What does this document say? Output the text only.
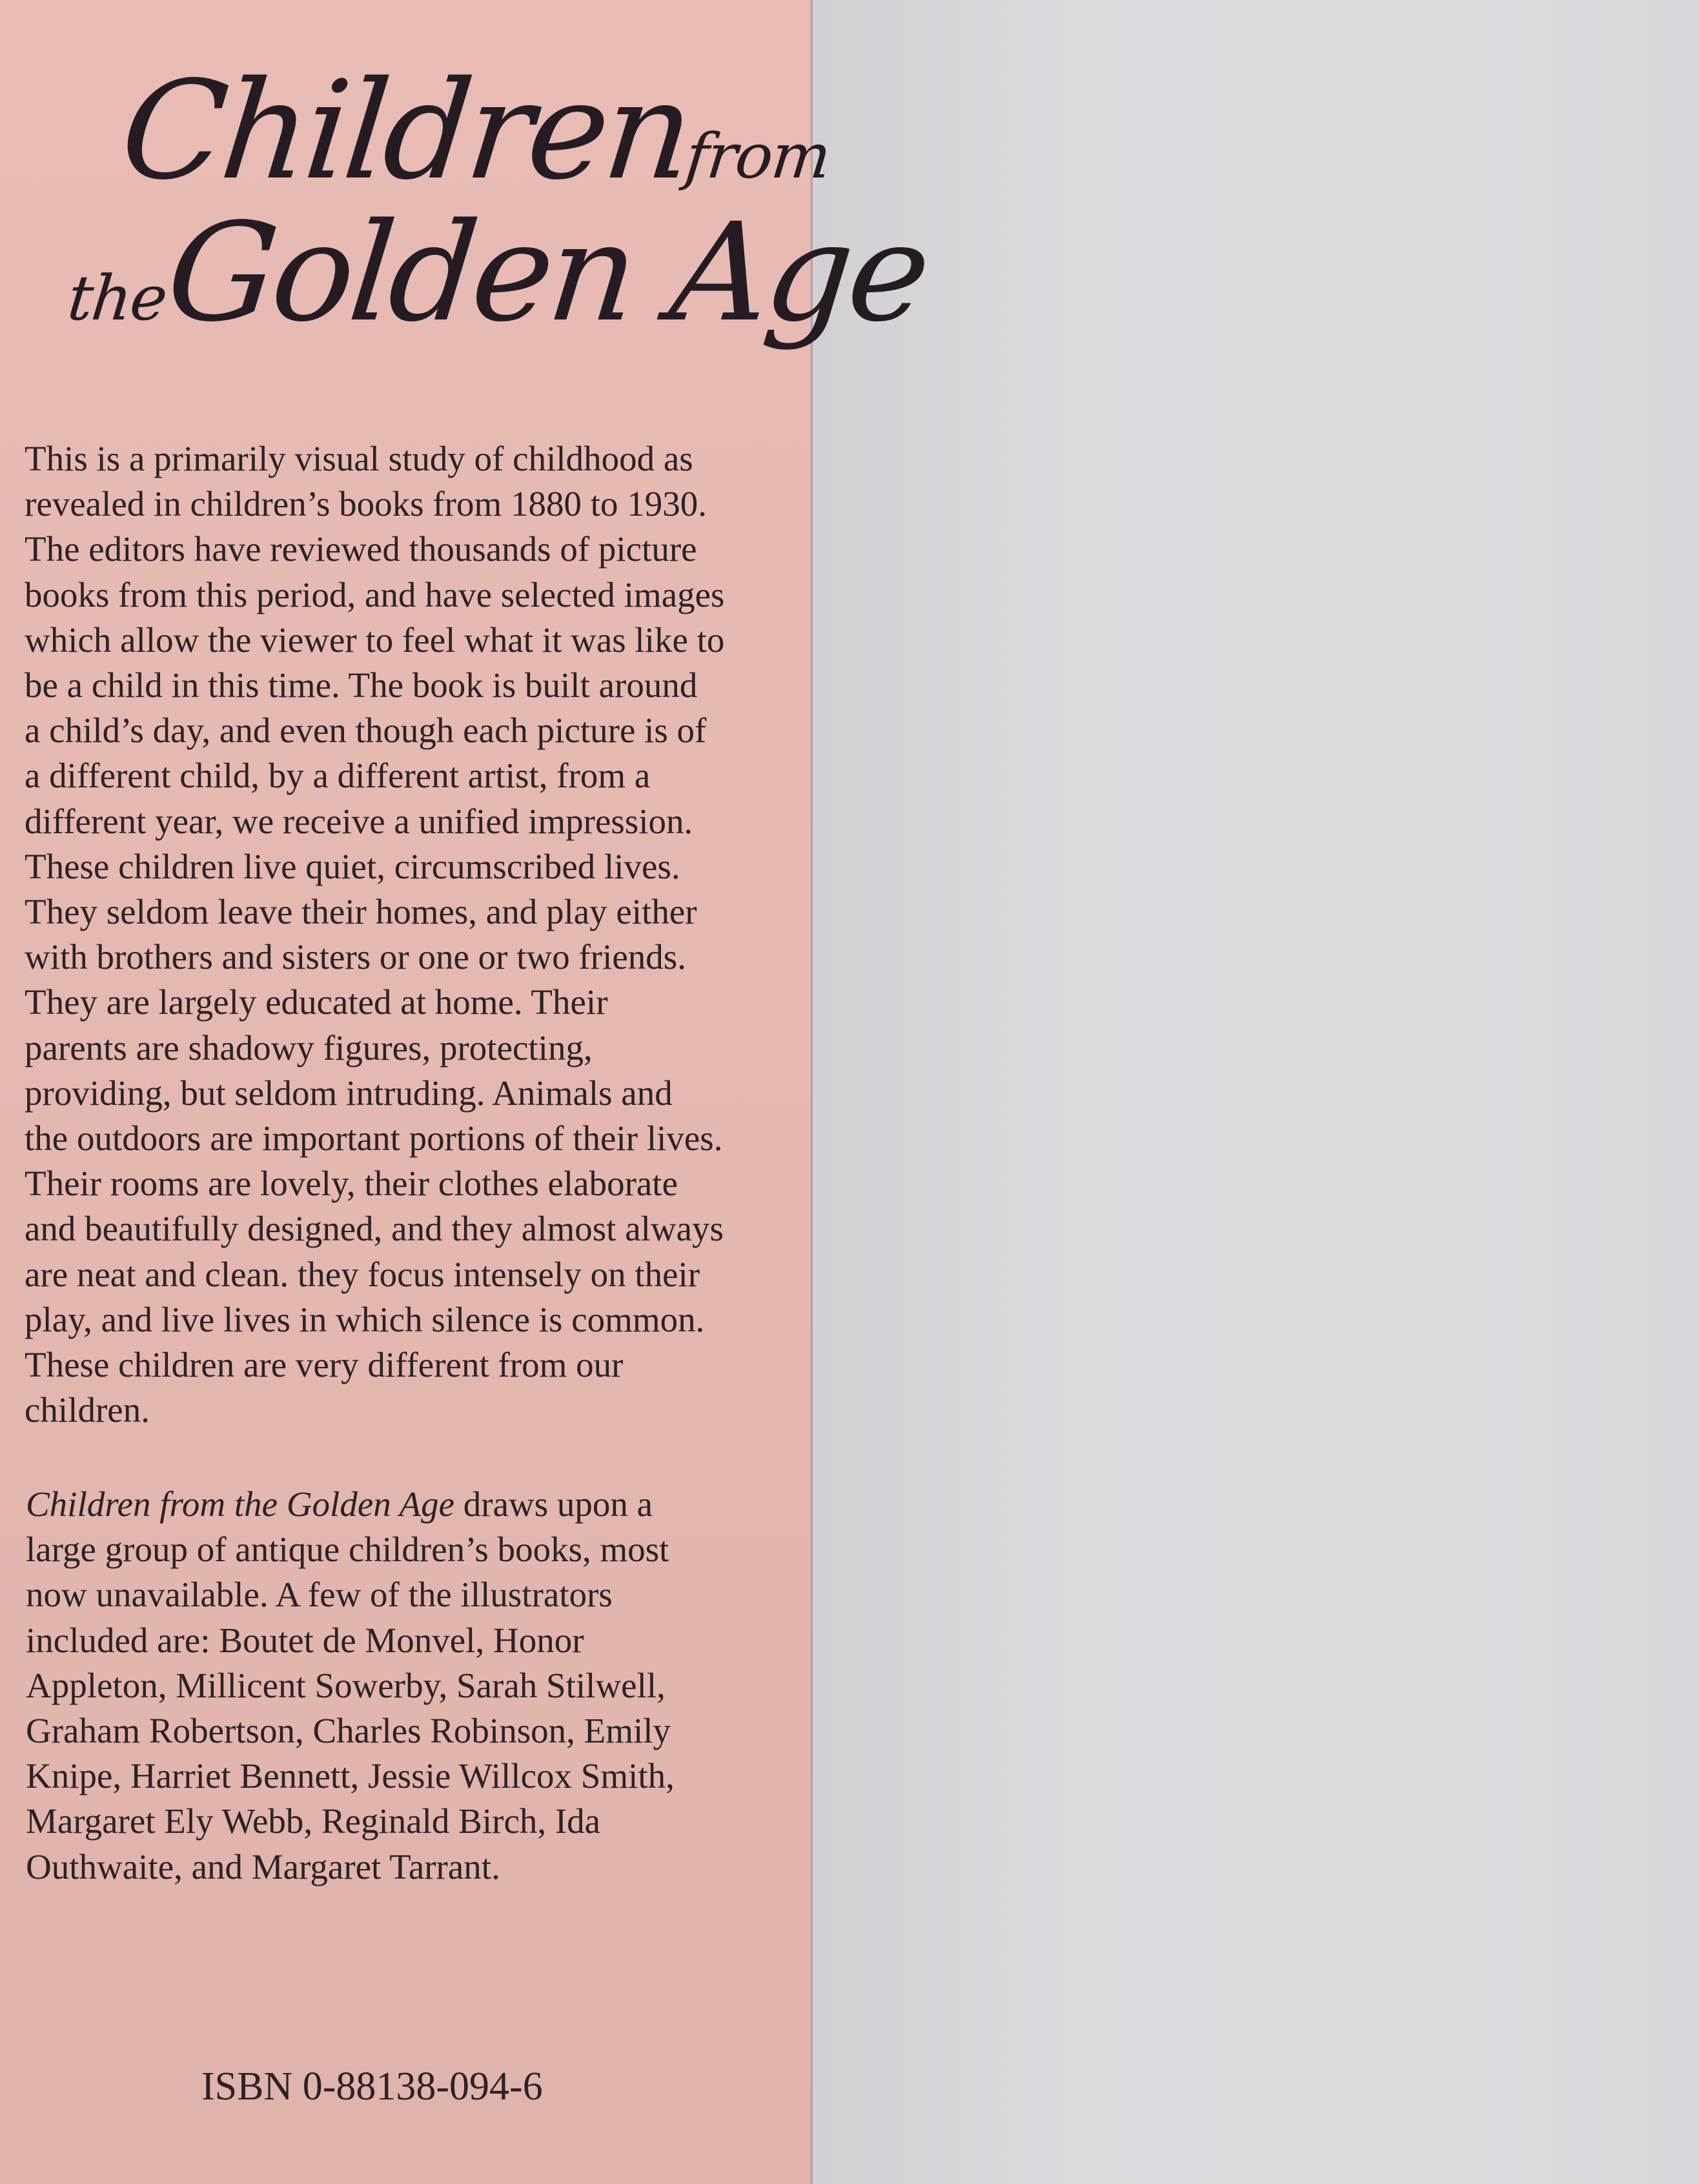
Childrenfrom
theGolden Age

This is a primarily visual study of childhood as
revealed in children’s books from 1880 to 1930.
The editors have reviewed thousands of picture
books from this period, and have selected images
which allow the viewer to feel what it was like to
be a child in this time. The book is built around
a child’s day, and even though each picture is of
a different child, by a different artist, from a
different year, we receive a unified impression.
These children live quiet, circumscribed lives.
They seldom leave their homes, and play either
with brothers and sisters or one or two friends.
They are largely educated at home. Their
parents are shadowy figures, protecting,
providing, but seldom intruding. Animals and
the outdoors are important portions of their lives.
Their rooms are lovely, their clothes elaborate
and beautifully designed, and they almost always
are neat and clean. they focus intensely on their
play, and live lives in which silence is common.
These children are very different from our
children.

Children from the Golden Age draws upon a
large group of antique children’s books, most
now unavailable. A few of the illustrators
included are: Boutet de Monvel, Honor
Appleton, Millicent Sowerby, Sarah Stilwell,
Graham Robertson, Charles Robinson, Emily
Knipe, Harriet Bennett, Jessie Willcox Smith,
Margaret Ely Webb, Reginald Birch, Ida
Outhwaite, and Margaret Tarrant.

ISBN 0-88138-094-6
